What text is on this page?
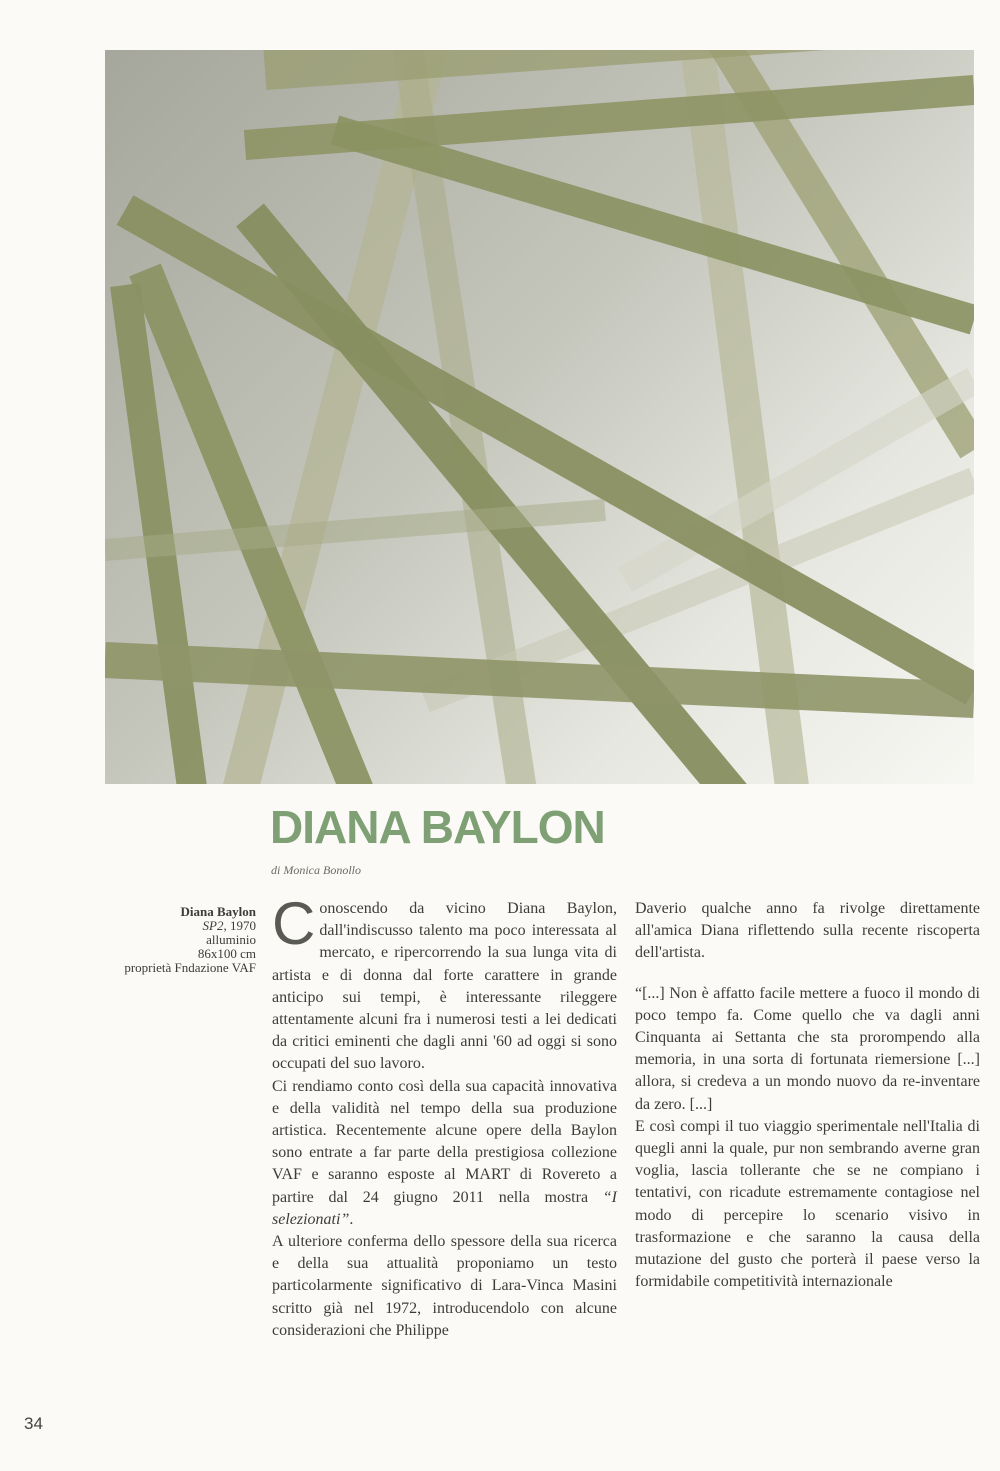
DIANA BAYLON
di Monica Bonollo
Diana Baylon
SP2, 1970
alluminio
86x100 cm
proprietà Fndazione VAF

Conoscendo da vicino Diana Baylon, dall'indiscusso talento ma poco interessata al mercato, e ripercorrendo la sua lunga vita di artista e di donna dal forte carattere in grande anticipo sui tempi, è interessante rileggere attentamente alcuni fra i numerosi testi a lei dedicati da critici eminenti che dagli anni '60 ad oggi si sono occupati del suo lavoro.

Ci rendiamo conto così della sua capacità innovativa e della validità nel tempo della sua produzione artistica. Recentemente alcune opere della Baylon sono entrate a far parte della prestigiosa collezione VAF e saranno esposte al MART di Rovereto a partire dal 24 giugno 2011 nella mostra “I selezionati”.

A ulteriore conferma dello spessore della sua ricerca e della sua attualità proponiamo un testo particolarmente significativo di Lara-Vinca Masini scritto già nel 1972, introducendolo con alcune considerazioni che Philippe

Daverio qualche anno fa rivolge direttamente all'amica Diana riflettendo sulla recente riscoperta dell'artista.

“[...] Non è affatto facile mettere a fuoco il mondo di poco tempo fa. Come quello che va dagli anni Cinquanta ai Settanta che sta prorompendo alla memoria, in una sorta di fortunata riemersione [...] allora, si credeva a un mondo nuovo da re-inventare da zero. [...]

E così compi il tuo viaggio sperimentale nell'Italia di quegli anni la quale, pur non sembrando averne gran voglia, lascia tollerante che se ne compiano i tentativi, con ricadute estremamente contagiose nel modo di percepire lo scenario visivo in trasformazione e che saranno la causa della mutazione del gusto che porterà il paese verso la formidabile competitività internazionale

34
